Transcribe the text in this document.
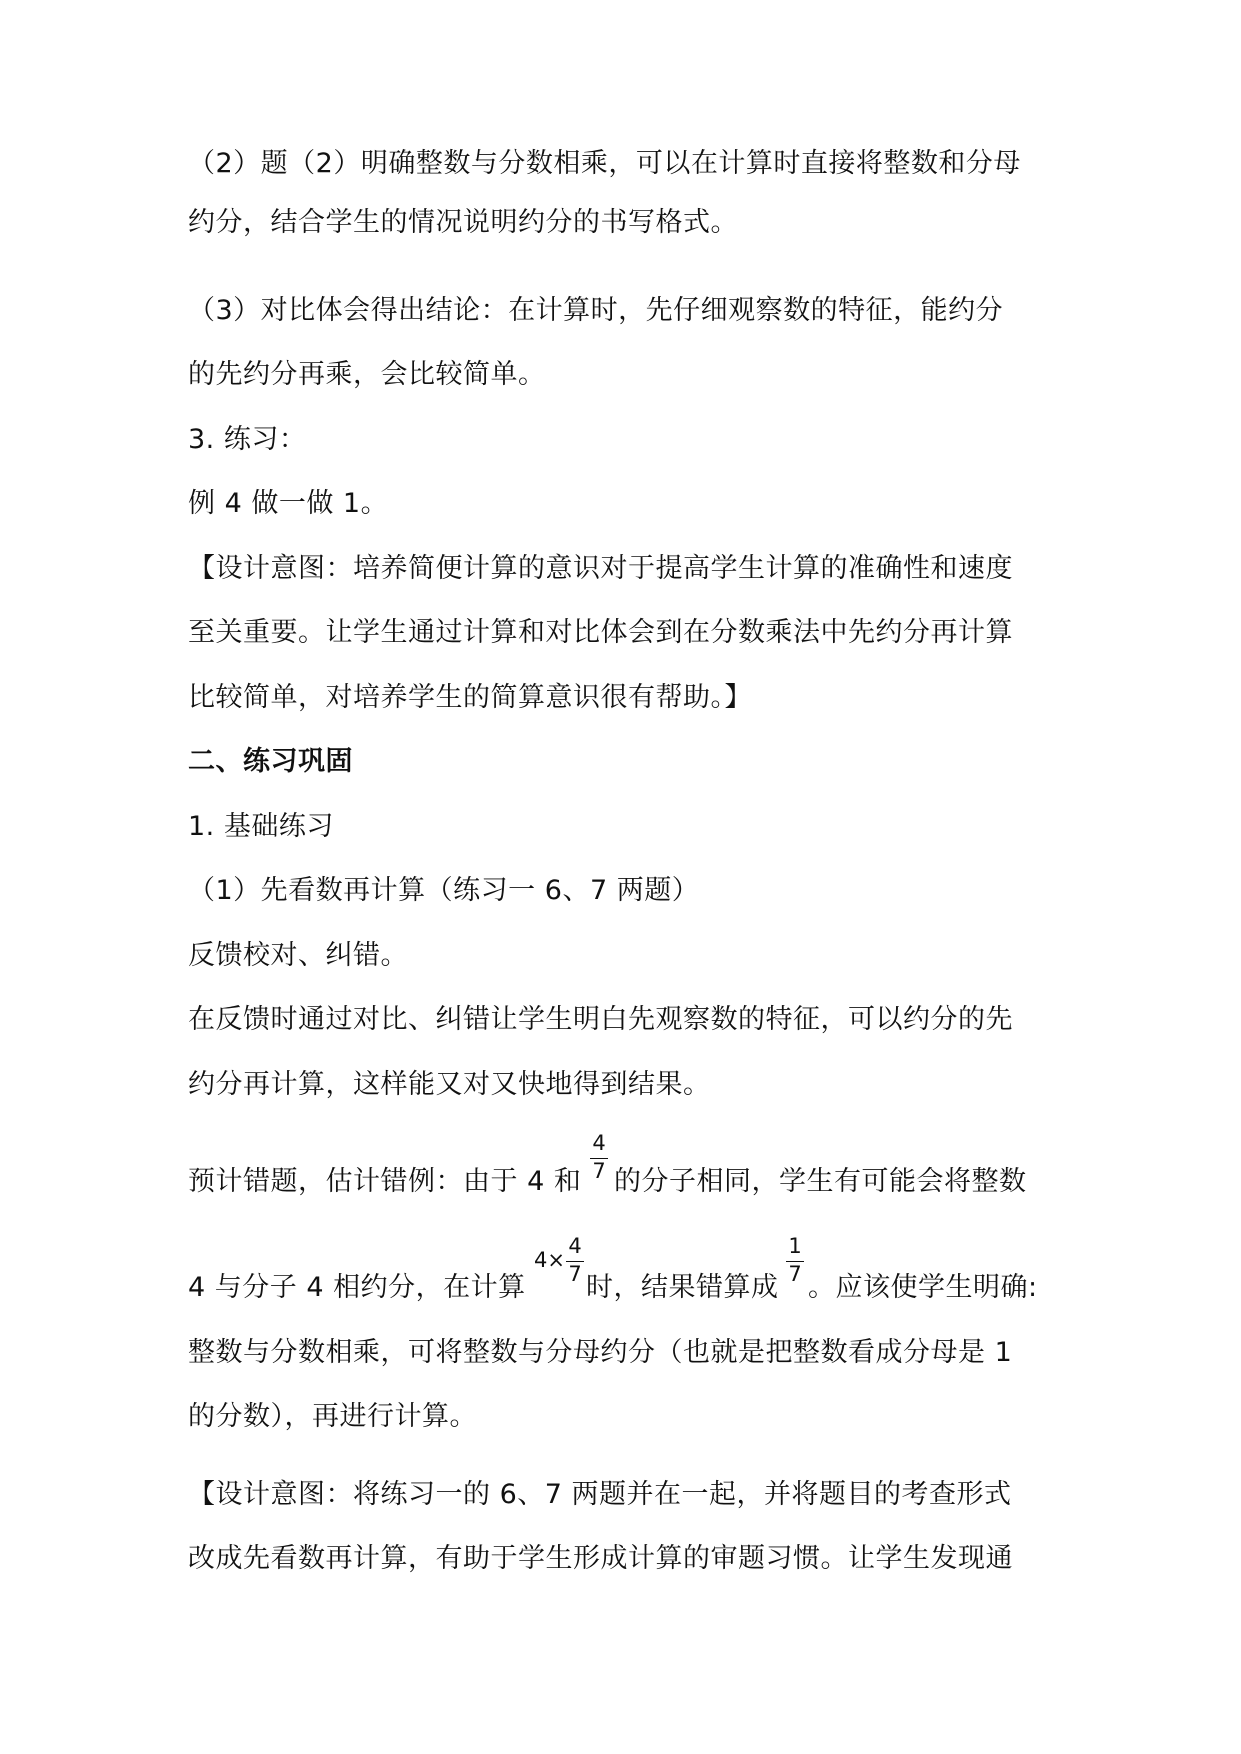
（2）题（2）明确整数与分数相乘，可以在计算时直接将整数和分母
约分，结合学生的情况说明约分的书写格式。
（3）对比体会得出结论：在计算时，先仔细观察数的特征，能约分
的先约分再乘，会比较简单。
3. 练习：
例 4 做一做 1。
【设计意图：培养简便计算的意识对于提高学生计算的准确性和速度
至关重要。让学生通过计算和对比体会到在分数乘法中先约分再计算
比较简单，对培养学生的简算意识很有帮助。】
二、练习巩固
1. 基础练习
（1）先看数再计算（练习一 6、7 两题）
反馈校对、纠错。
在反馈时通过对比、纠错让学生明白先观察数的特征，可以约分的先
约分再计算，这样能又对又快地得到结果。
预计错题，估计错例：由于 4 和
4
7 的分子相同，学生有可能会将整数
4 与分子 4 相约分，在计算
4×
4
7 时，结果错算成
1
7 。应该使学生明确:
整数与分数相乘，可将整数与分母约分（也就是把整数看成分母是 1
的分数），再进行计算。
【设计意图：将练习一的 6、7 两题并在一起，并将题目的考查形式
改成先看数再计算，有助于学生形成计算的审题习惯。让学生发现通
